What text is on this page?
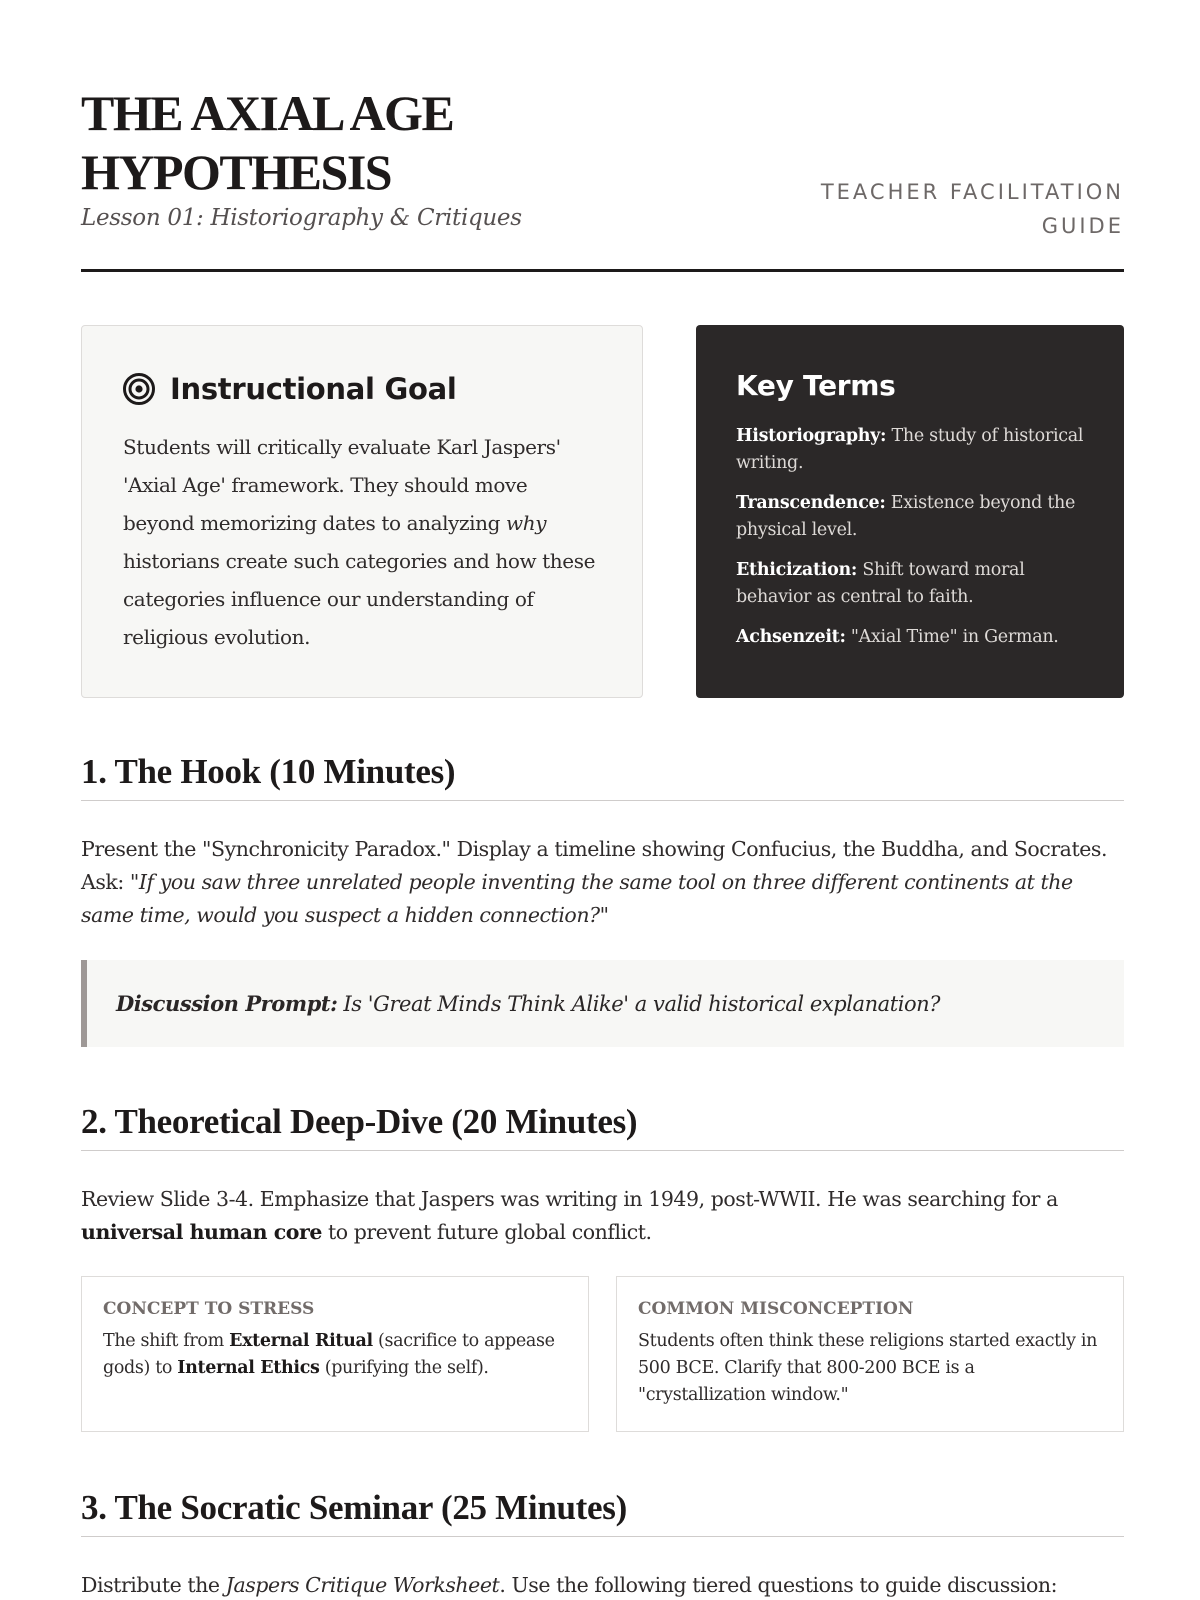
THE AXIAL AGE
HYPOTHESIS
Lesson 01: Historiography & Critiques
TEACHER FACILITATION
GUIDE
Instructional Goal

Students will critically evaluate Karl Jaspers' 'Axial Age' framework. They should move beyond memorizing dates to analyzing why historians create such categories and how these categories influence our understanding of religious evolution.

Key Terms

Historiography: The study of historical writing.

Transcendence: Existence beyond the physical level.

Ethicization: Shift toward moral behavior as central to faith.

Achsenzeit: "Axial Time" in German.

1. The Hook (10 Minutes)

Present the "Synchronicity Paradox." Display a timeline showing Confucius, the Buddha, and Socrates. Ask: "If you saw three unrelated people inventing the same tool on three different continents at the same time, would you suspect a hidden connection?"

Discussion Prompt: Is 'Great Minds Think Alike' a valid historical explanation?
2. Theoretical Deep-Dive (20 Minutes)

Review Slide 3-4. Emphasize that Jaspers was writing in 1949, post-WWII. He was searching for a universal human core to prevent future global conflict.

CONCEPT TO STRESS

The shift from External Ritual (sacrifice to appease gods) to Internal Ethics (purifying the self).

COMMON MISCONCEPTION

Students often think these religions started exactly in 500 BCE. Clarify that 800-200 BCE is a "crystallization window."

3. The Socratic Seminar (25 Minutes)

Distribute the Jaspers Critique Worksheet. Use the following tiered questions to guide discussion:
